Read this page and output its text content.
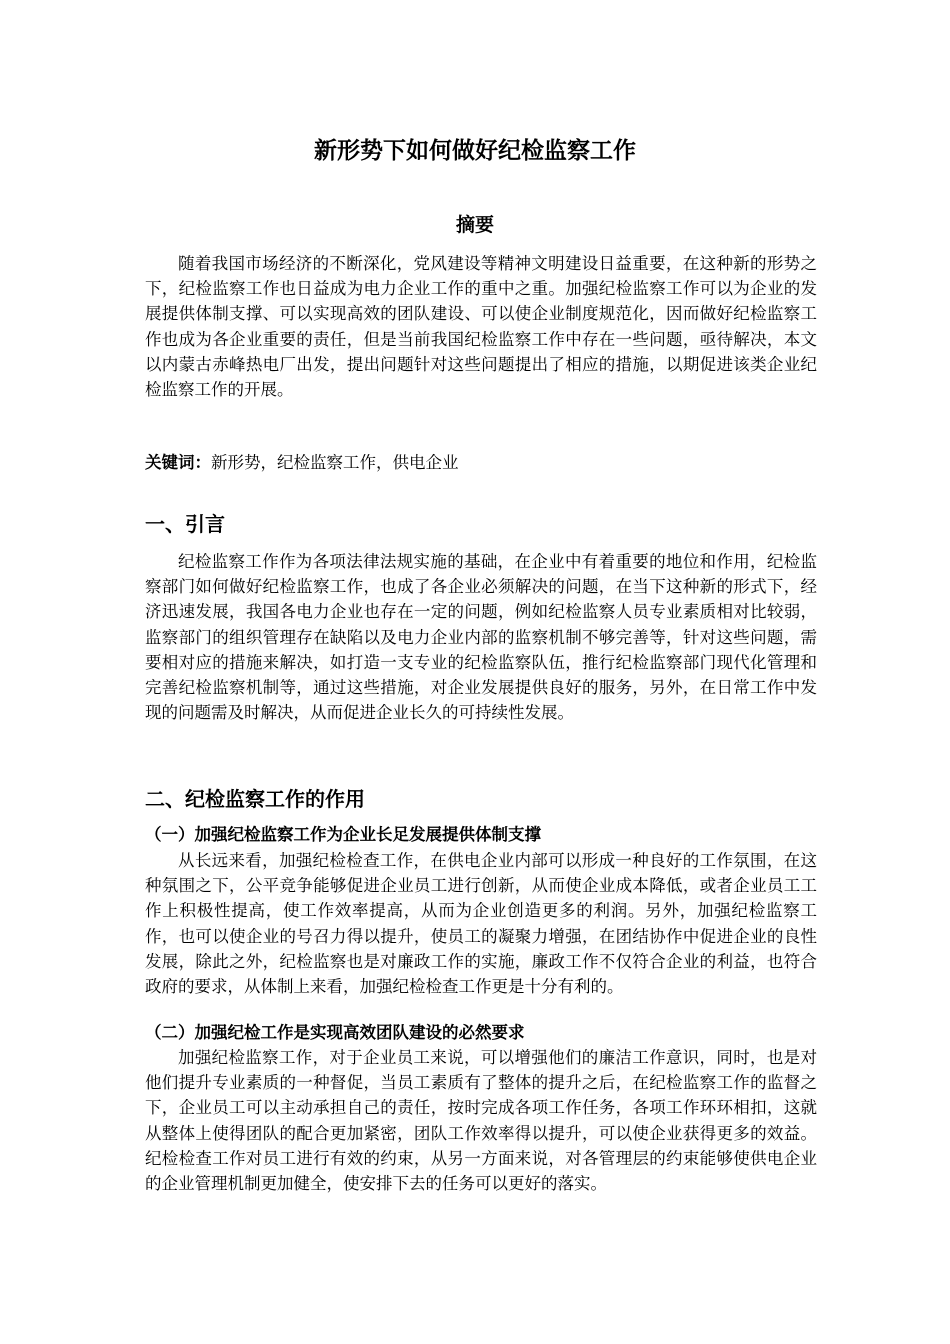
新形势下如何做好纪检监察工作
摘要

随着我国市场经济的不断深化，党风建设等精神文明建设日益重要，在这种新的形势之下，纪检监察工作也日益成为电力企业工作的重中之重。加强纪检监察工作可以为企业的发展提供体制支撑、可以实现高效的团队建设、可以使企业制度规范化，因而做好纪检监察工作也成为各企业重要的责任，但是当前我国纪检监察工作中存在一些问题，亟待解决，本文以内蒙古赤峰热电厂出发，提出问题针对这些问题提出了相应的措施，以期促进该类企业纪检监察工作的开展。

关键词：新形势，纪检监察工作，供电企业
一、引言

纪检监察工作作为各项法律法规实施的基础，在企业中有着重要的地位和作用，纪检监察部门如何做好纪检监察工作，也成了各企业必须解决的问题，在当下这种新的形式下，经济迅速发展，我国各电力企业也存在一定的问题，例如纪检监察人员专业素质相对比较弱，监察部门的组织管理存在缺陷以及电力企业内部的监察机制不够完善等，针对这些问题，需要相对应的措施来解决，如打造一支专业的纪检监察队伍，推行纪检监察部门现代化管理和完善纪检监察机制等，通过这些措施，对企业发展提供良好的服务，另外，在日常工作中发现的问题需及时解决，从而促进企业长久的可持续性发展。

二、纪检监察工作的作用
（一）加强纪检监察工作为企业长足发展提供体制支撑

从长远来看，加强纪检检查工作，在供电企业内部可以形成一种良好的工作氛围，在这种氛围之下，公平竞争能够促进企业员工进行创新，从而使企业成本降低，或者企业员工工作上积极性提高，使工作效率提高，从而为企业创造更多的利润。另外，加强纪检监察工作，也可以使企业的号召力得以提升，使员工的凝聚力增强，在团结协作中促进企业的良性发展，除此之外，纪检监察也是对廉政工作的实施，廉政工作不仅符合企业的利益，也符合政府的要求，从体制上来看，加强纪检检查工作更是十分有利的。

（二）加强纪检工作是实现高效团队建设的必然要求

加强纪检监察工作，对于企业员工来说，可以增强他们的廉洁工作意识，同时，也是对他们提升专业素质的一种督促，当员工素质有了整体的提升之后，在纪检监察工作的监督之下，企业员工可以主动承担自己的责任，按时完成各项工作任务，各项工作环环相扣，这就从整体上使得团队的配合更加紧密，团队工作效率得以提升，可以使企业获得更多的效益。纪检检查工作对员工进行有效的约束，从另一方面来说，对各管理层的约束能够使供电企业的企业管理机制更加健全，使安排下去的任务可以更好的落实。
